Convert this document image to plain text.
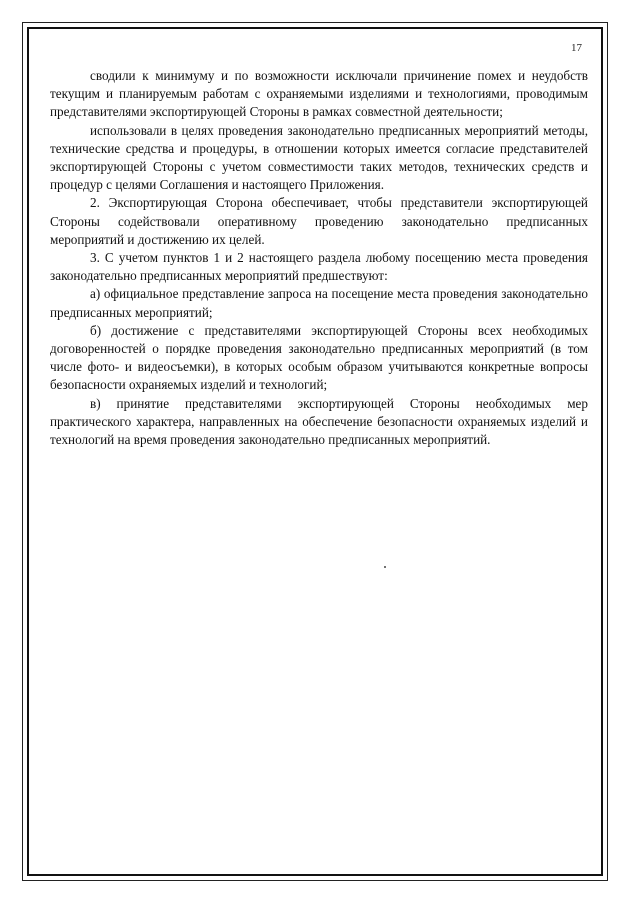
17

сводили к минимуму и по возможности исключали причинение помех и неудобств текущим и планируемым работам с охраняемыми изделиями и технологиями, проводимым представителями экспортирующей Стороны в рамках совместной деятельности;

использовали в целях проведения законодательно предписанных мероприятий методы, технические средства и процедуры, в отношении которых имеется согласие представителей экспортирующей Стороны с учетом совместимости таких методов, технических средств и процедур с целями Соглашения и настоящего Приложения.

2. Экспортирующая Сторона обеспечивает, чтобы представители экспортирующей Стороны содействовали оперативному проведению законодательно предписанных мероприятий и достижению их целей.

3. С учетом пунктов 1 и 2 настоящего раздела любому посещению места проведения законодательно предписанных мероприятий предшествуют:

а) официальное представление запроса на посещение места проведения законодательно предписанных мероприятий;

б) достижение с представителями экспортирующей Стороны всех необходимых договоренностей о порядке проведения законодательно предписанных мероприятий (в том числе фото- и видеосъемки), в которых особым образом учитываются конкретные вопросы безопасности охраняемых изделий и технологий;

в) принятие представителями экспортирующей Стороны необходимых мер практического характера, направленных на обеспечение безопасности охраняемых изделий и технологий на время проведения законодательно предписанных мероприятий.
